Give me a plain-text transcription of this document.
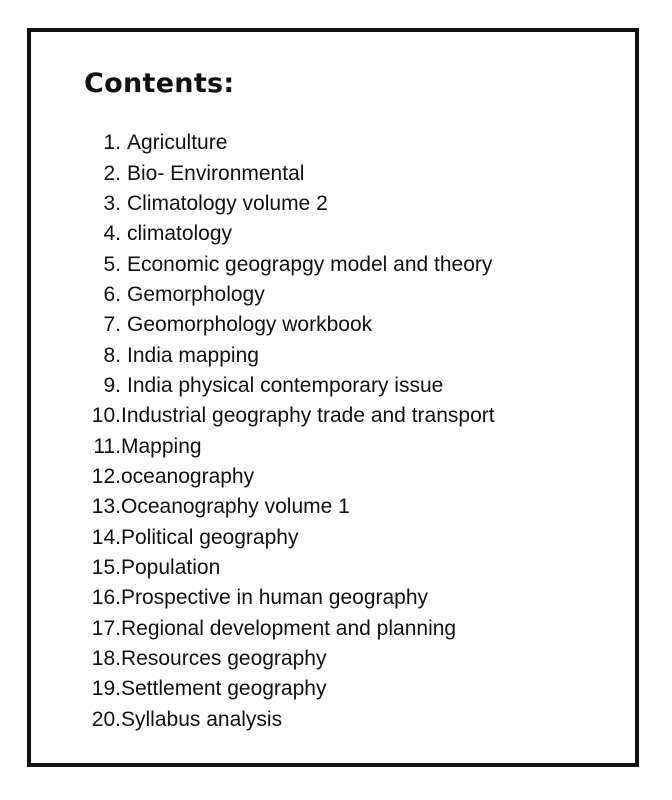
Contents:
1. Agriculture
2. Bio- Environmental
3. Climatology volume 2
4. climatology
5. Economic geograpgy model and theory
6. Gemorphology
7. Geomorphology workbook
8. India mapping
9. India physical contemporary issue
10. Industrial geography trade and transport
11. Mapping
12. oceanography
13. Oceanography volume 1
14. Political geography
15. Population
16. Prospective in human geography
17. Regional development and planning
18. Resources geography
19. Settlement geography
20. Syllabus analysis
